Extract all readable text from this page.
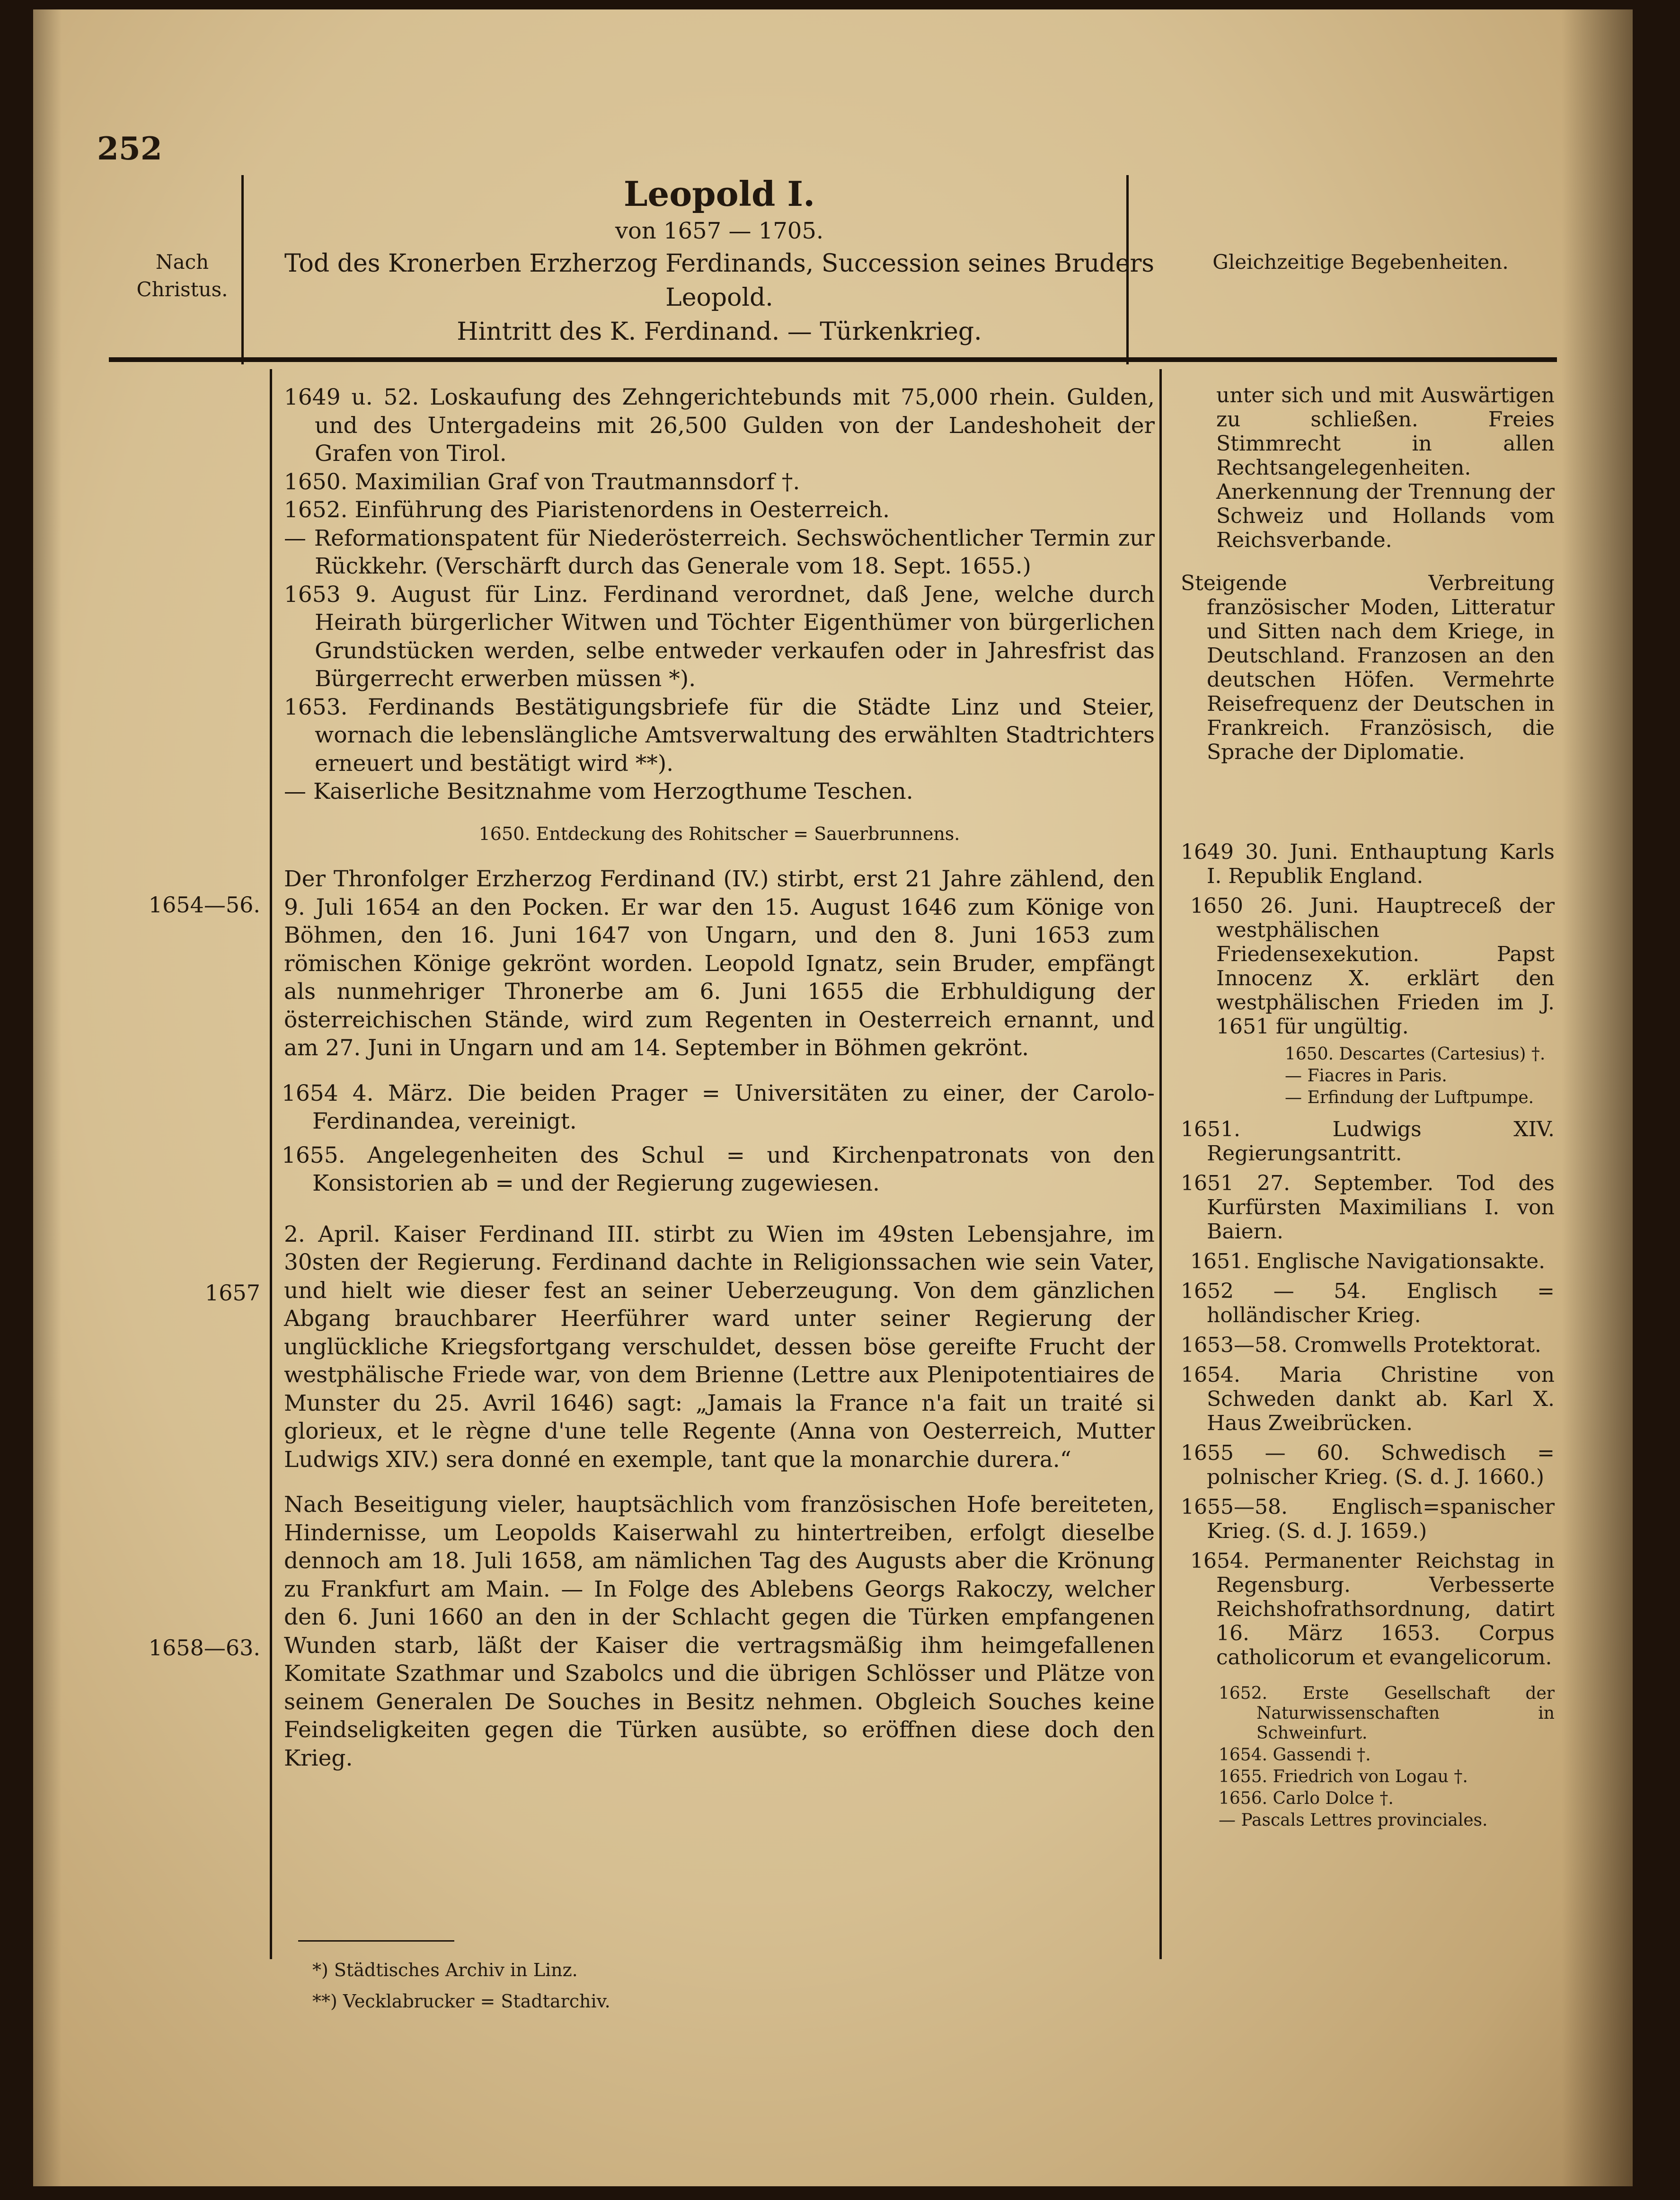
252
Nach Christus.
Leopold I.
von 1657 — 1705.
Tod des Kronerben Erzherzog Ferdinands, Succession seines Bruders Leopold.
Hintritt des K. Ferdinand. — Türkenkrieg.
Gleichzeitige Begebenheiten.
1654—56.
1657
1658—63.

1649 u. 52. Loskaufung des Zehngerichtebunds mit 75,000 rhein. Gulden, und des Untergadeins mit 26,500 Gulden von der Landeshoheit der Grafen von Tirol.

1650. Maximilian Graf von Trautmannsdorf †.

1652. Einführung des Piaristenordens in Oesterreich.

— Reformationspatent für Niederösterreich. Sechswöchentlicher Termin zur Rückkehr. (Verschärft durch das Generale vom 18. Sept. 1655.)

1653 9. August für Linz. Ferdinand verordnet, daß Jene, welche durch Heirath bürgerlicher Witwen und Töchter Eigenthümer von bürgerlichen Grundstücken werden, selbe entweder verkaufen oder in Jahresfrist das Bürgerrecht erwerben müssen *).

1653. Ferdinands Bestätigungsbriefe für die Städte Linz und Steier, wornach die lebenslängliche Amtsverwaltung des erwählten Stadtrichters erneuert und bestätigt wird **).

— Kaiserliche Besitznahme vom Herzogthume Teschen.

1650. Entdeckung des Rohitscher = Sauerbrunnens.

Der Thronfolger Erzherzog Ferdinand (IV.) stirbt, erst 21 Jahre zählend, den 9. Juli 1654 an den Pocken. Er war den 15. August 1646 zum Könige von Böhmen, den 16. Juni 1647 von Ungarn, und den 8. Juni 1653 zum römischen Könige gekrönt worden. Leopold Ignatz, sein Bruder, empfängt als nunmehriger Thronerbe am 6. Juni 1655 die Erbhuldigung der österreichischen Stände, wird zum Regenten in Oesterreich ernannt, und am 27. Juni in Ungarn und am 14. September in Böhmen gekrönt.

1654 4. März. Die beiden Prager = Universitäten zu einer, der Carolo-Ferdinandea, vereinigt.

1655. Angelegenheiten des Schul = und Kirchenpatronats von den Konsistorien ab = und der Regierung zugewiesen.

2. April. Kaiser Ferdinand III. stirbt zu Wien im 49sten Lebensjahre, im 30sten der Regierung. Ferdinand dachte in Religionssachen wie sein Vater, und hielt wie dieser fest an seiner Ueberzeugung. Von dem gänzlichen Abgang brauchbarer Heerführer ward unter seiner Regierung der unglückliche Kriegsfortgang verschuldet, dessen böse gereifte Frucht der westphälische Friede war, von dem Brienne (Lettre aux Plenipotentiaires de Munster du 25. Avril 1646) sagt: „Jamais la France n'a fait un traité si glorieux, et le règne d'une telle Regente (Anna von Oesterreich, Mutter Ludwigs XIV.) sera donné en exemple, tant que la monarchie durera.“

Nach Beseitigung vieler, hauptsächlich vom französischen Hofe bereiteten, Hindernisse, um Leopolds Kaiserwahl zu hintertreiben, erfolgt dieselbe dennoch am 18. Juli 1658, am nämlichen Tag des Augusts aber die Krönung zu Frankfurt am Main. — In Folge des Ablebens Georgs Rakoczy, welcher den 6. Juni 1660 an den in der Schlacht gegen die Türken empfangenen Wunden starb, läßt der Kaiser die vertragsmäßig ihm heimgefallenen Komitate Szathmar und Szabolcs und die übrigen Schlösser und Plätze von seinem Generalen De Souches in Besitz nehmen. Obgleich Souches keine Feindseligkeiten gegen die Türken ausübte, so eröffnen diese doch den Krieg.

*) Städtisches Archiv in Linz.
**) Vecklabrucker = Stadtarchiv.

unter sich und mit Auswärtigen zu schließen. Freies Stimmrecht in allen Rechtsangelegenheiten. Anerkennung der Trennung der Schweiz und Hollands vom Reichsverbande.

Steigende Verbreitung französischer Moden, Litteratur und Sitten nach dem Kriege, in Deutschland. Franzosen an den deutschen Höfen. Vermehrte Reisefrequenz der Deutschen in Frankreich. Französisch, die Sprache der Diplomatie.

1649 30. Juni. Enthauptung Karls I. Republik England.

1650 26. Juni. Hauptreceß der westphälischen Friedensexekution. Papst Innocenz X. erklärt den westphälischen Frieden im J. 1651 für ungültig.

1650. Descartes (Cartesius) †.

— Fiacres in Paris.

— Erfindung der Luftpumpe.

1651. Ludwigs XIV. Regierungsantritt.

1651 27. September. Tod des Kurfürsten Maximilians I. von Baiern.

1651. Englische Navigationsakte.

1652 — 54. Englisch = holländischer Krieg.

1653—58. Cromwells Protektorat.

1654. Maria Christine von Schweden dankt ab. Karl X. Haus Zweibrücken.

1655 — 60. Schwedisch = polnischer Krieg. (S. d. J. 1660.)

1655—58. Englisch=spanischer Krieg. (S. d. J. 1659.)

1654. Permanenter Reichstag in Regensburg. Verbesserte Reichshofrathsordnung, datirt 16. März 1653. Corpus catholicorum et evangelicorum.

1652. Erste Gesellschaft der Naturwissenschaften in Schweinfurt.

1654. Gassendi †.

1655. Friedrich von Logau †.

1656. Carlo Dolce †.

— Pascals Lettres provinciales.
